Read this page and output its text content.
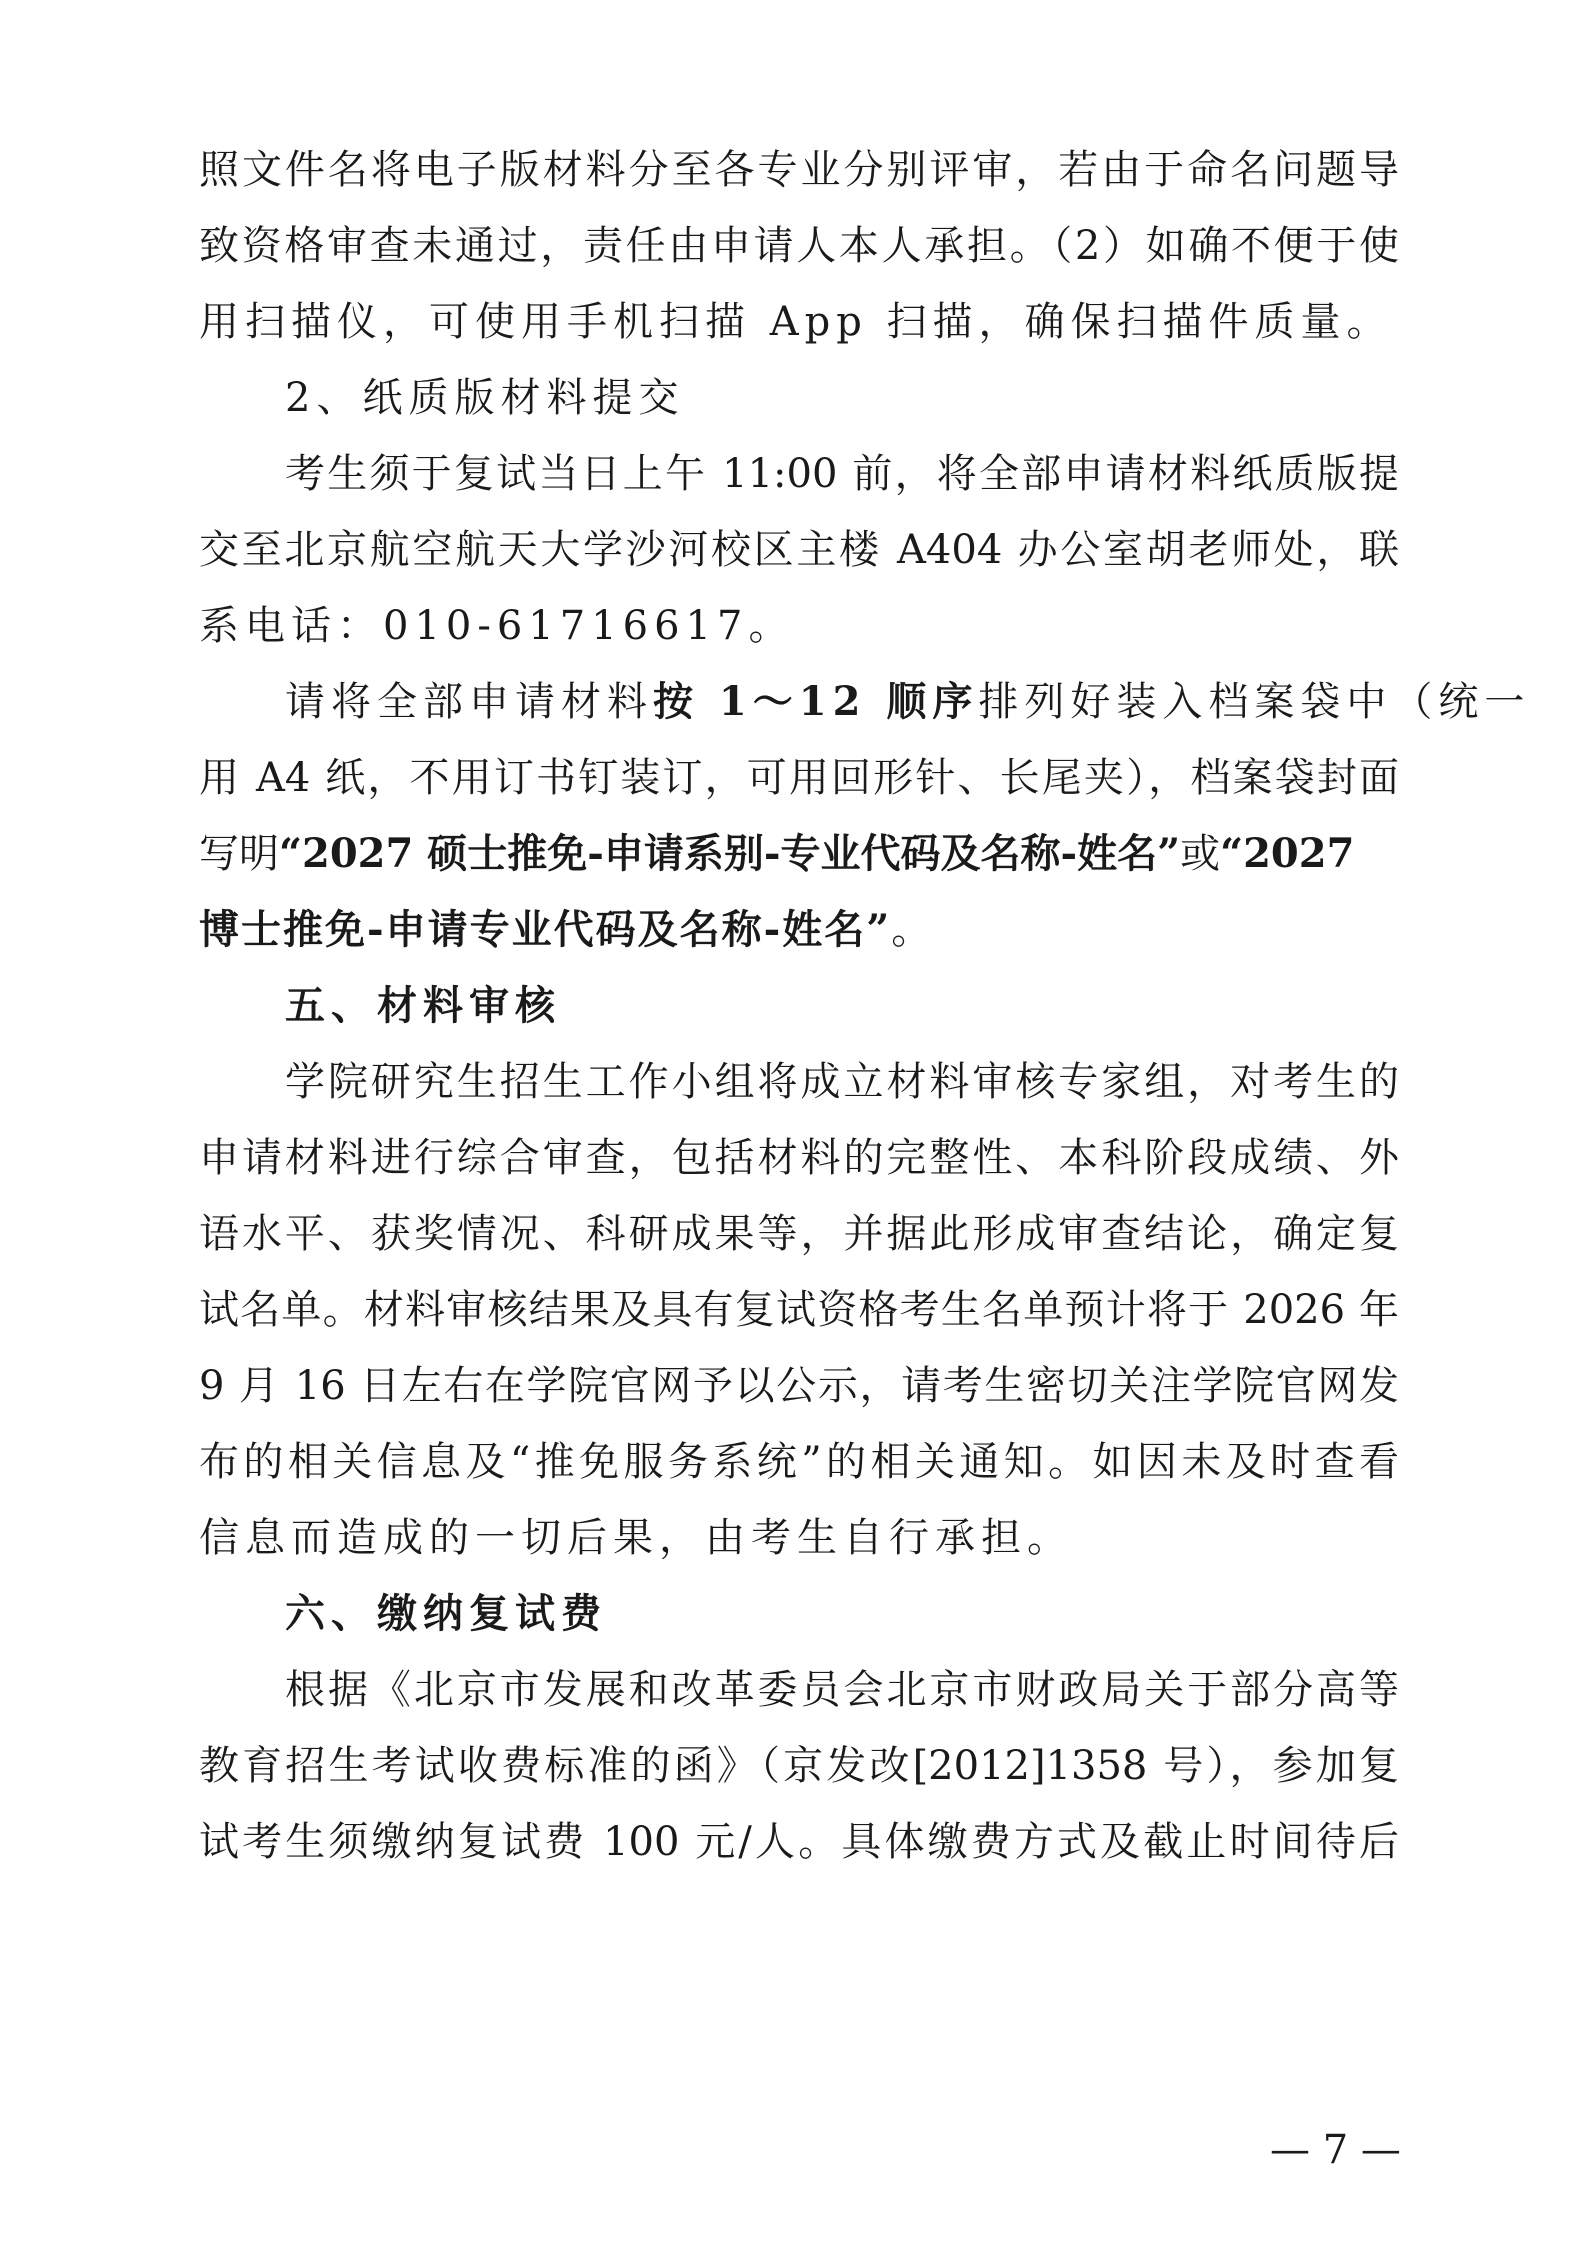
照文件名将电子版材料分至各专业分别评审，若由于命名问题导
致资格审查未通过，责任由申请人本人承担。（2）如确不便于使
用扫描仪，可使用手机扫描 App 扫描，确保扫描件质量。
2、纸质版材料提交
考生须于复试当日上午 11:00 前，将全部申请材料纸质版提
交至北京航空航天大学沙河校区主楼 A404 办公室胡老师处，联
系电话：010-61716617。
请将全部申请材料按 1～12 顺序排列好装入档案袋中（统一
用 A4 纸，不用订书钉装订，可用回形针、长尾夹），档案袋封面
写明“2027 硕士推免-申请系别-专业代码及名称-姓名”或“2027
博士推免-申请专业代码及名称-姓名”。
五、材料审核
学院研究生招生工作小组将成立材料审核专家组，对考生的
申请材料进行综合审查，包括材料的完整性、本科阶段成绩、外
语水平、获奖情况、科研成果等，并据此形成审查结论，确定复
试名单。材料审核结果及具有复试资格考生名单预计将于 2026 年
9 月 16 日左右在学院官网予以公示，请考生密切关注学院官网发
布的相关信息及“推免服务系统”的相关通知。如因未及时查看
信息而造成的一切后果，由考生自行承担。
六、缴纳复试费
根据《北京市发展和改革委员会北京市财政局关于部分高等
教育招生考试收费标准的函》（京发改[2012]1358 号），参加复
试考生须缴纳复试费 100 元/人。具体缴费方式及截止时间待后
— 7 —
